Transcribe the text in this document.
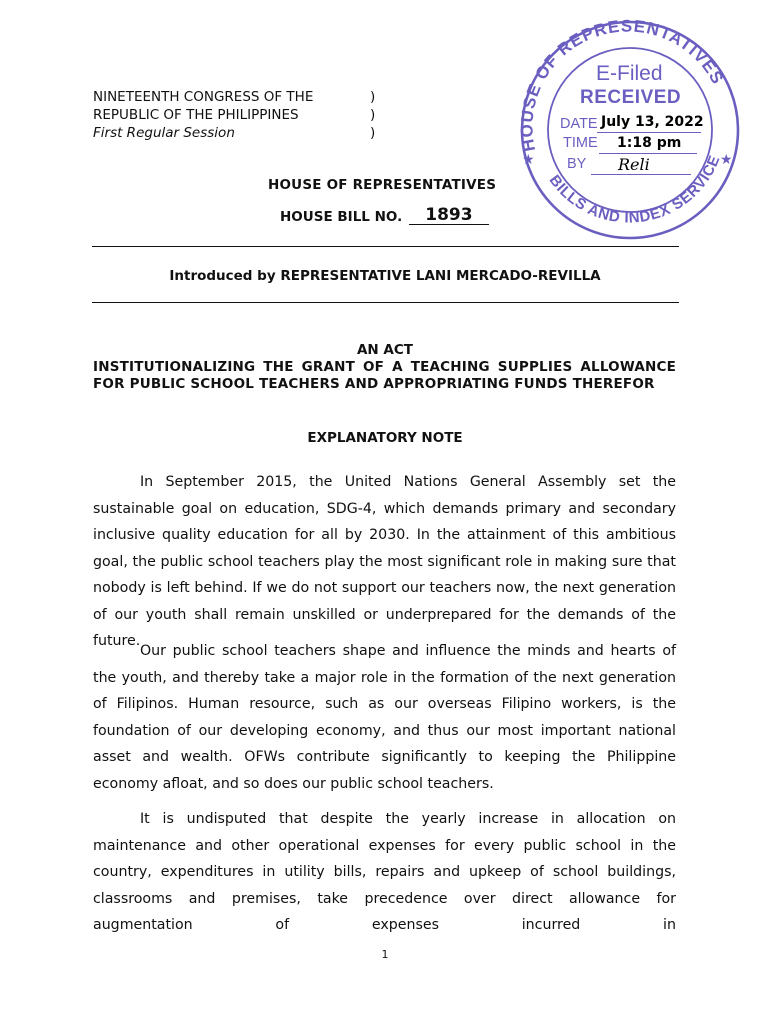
NINETEENTH CONGRESS OF THE
REPUBLIC OF THE PHILIPPINES
First Regular Session
)
)
)
HOUSE OF REPRESENTATIVES
HOUSE BILL NO. 1893
Introduced by REPRESENTATIVE LANI MERCADO-REVILLA
AN ACT
INSTITUTIONALIZING THE GRANT OF A TEACHING SUPPLIES ALLOWANCE FOR PUBLIC SCHOOL TEACHERS AND APPROPRIATING FUNDS THEREFOR
EXPLANATORY NOTE
In September 2015, the United Nations General Assembly set the sustainable goal on education, SDG-4, which demands primary and secondary inclusive quality education for all by 2030. In the attainment of this ambitious goal, the public school teachers play the most significant role in making sure that nobody is left behind. If we do not support our teachers now, the next generation of our youth shall remain unskilled or underprepared for the demands of the future.
Our public school teachers shape and influence the minds and hearts of the youth, and thereby take a major role in the formation of the next generation of Filipinos. Human resource, such as our overseas Filipino workers, is the foundation of our developing economy, and thus our most important national asset and wealth. OFWs contribute significantly to keeping the Philippine economy afloat, and so does our public school teachers.
It is undisputed that despite the yearly increase in allocation on maintenance and other operational expenses for every public school in the country, expenditures in utility bills, repairs and upkeep of school buildings, classrooms and premises, take precedence over direct allowance for augmentation of expenses incurred in
1
HOUSE OF REPRESENTATIVES
BILLS AND INDEX SERVICE
★	★
E-Filed
RECEIVED
DATE July 13, 2022
TIME 1:18 pm
BY Reli
